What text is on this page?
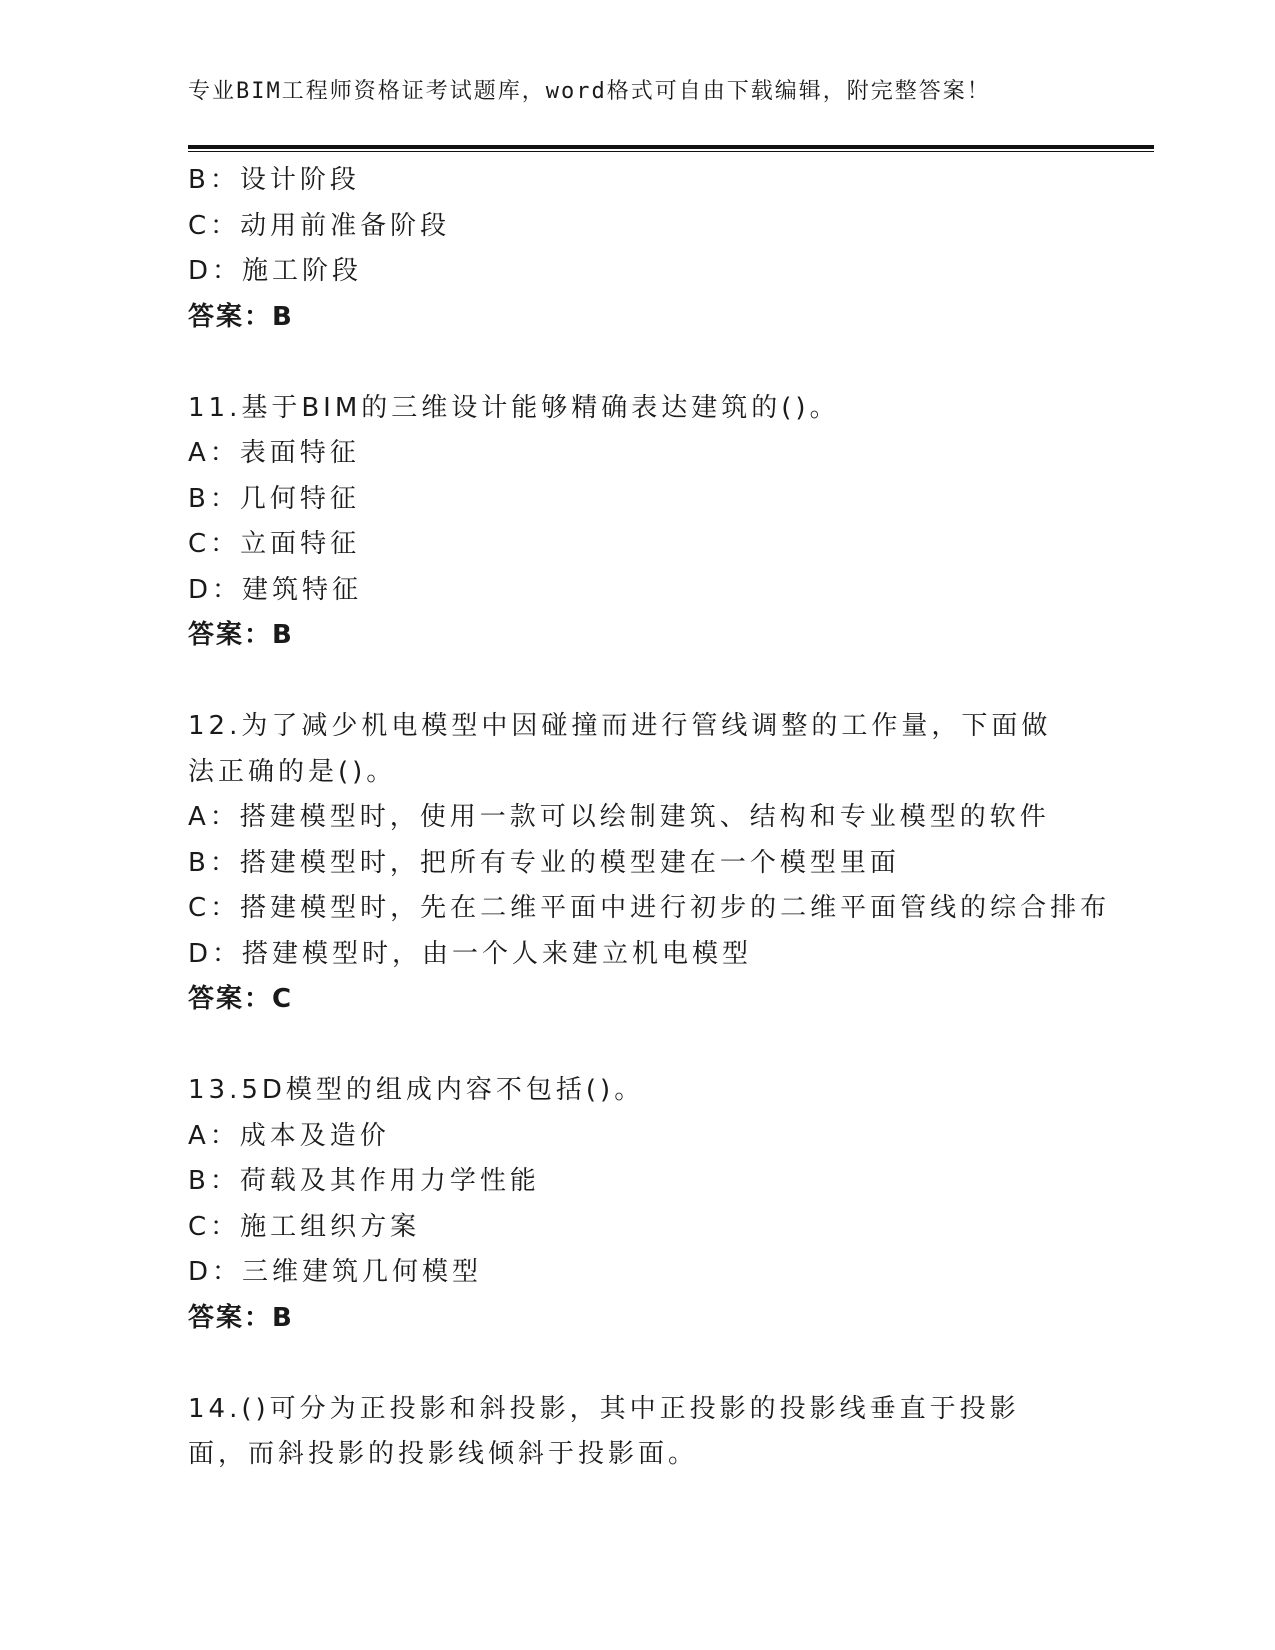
专业BIM工程师资格证考试题库，word格式可自由下载编辑，附完整答案！
B：设计阶段
C：动用前准备阶段
D：施工阶段
答案：B
11.基于BIM的三维设计能够精确表达建筑的()。
A：表面特征
B：几何特征
C：立面特征
D：建筑特征
答案：B
12.为了减少机电模型中因碰撞而进行管线调整的工作量，下面做法正确的是()。
A：搭建模型时，使用一款可以绘制建筑、结构和专业模型的软件
B：搭建模型时，把所有专业的模型建在一个模型里面
C：搭建模型时，先在二维平面中进行初步的二维平面管线的综合排布
D：搭建模型时，由一个人来建立机电模型
答案：C
13.5D模型的组成内容不包括()。
A：成本及造价
B：荷载及其作用力学性能
C：施工组织方案
D：三维建筑几何模型
答案：B
14.()可分为正投影和斜投影，其中正投影的投影线垂直于投影面，而斜投影的投影线倾斜于投影面。
